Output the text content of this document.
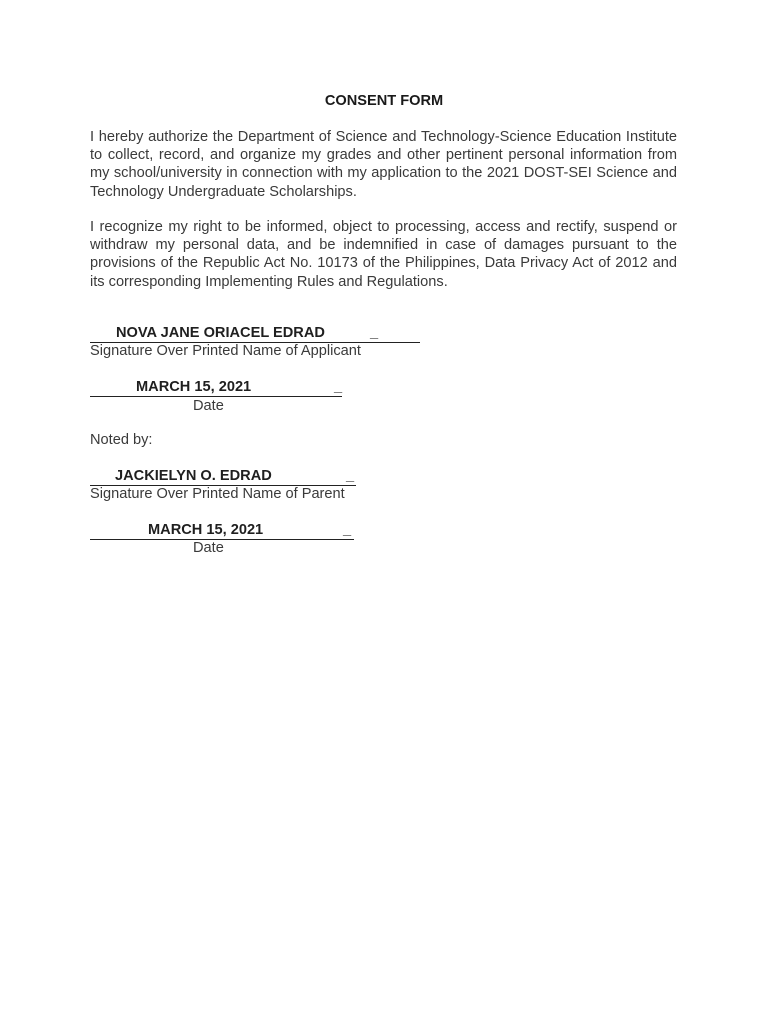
CONSENT FORM
I hereby authorize the Department of Science and Technology-Science Education Institute to collect, record, and organize my grades and other pertinent personal information from my school/university in connection with my application to the 2021 DOST-SEI Science and Technology Undergraduate Scholarships.
I recognize my right to be informed, object to processing, access and rectify, suspend or withdraw my personal data, and be indemnified in case of damages pursuant to the provisions of the Republic Act No. 10173 of the Philippines, Data Privacy Act of 2012 and its corresponding Implementing Rules and Regulations.
NOVA JANE ORIACEL EDRAD	_
Signature Over Printed Name of Applicant
MARCH 15, 2021	_
Date
Noted by:
JACKIELYN O. EDRAD	_
Signature Over Printed Name of Parent
MARCH 15, 2021	_
Date
